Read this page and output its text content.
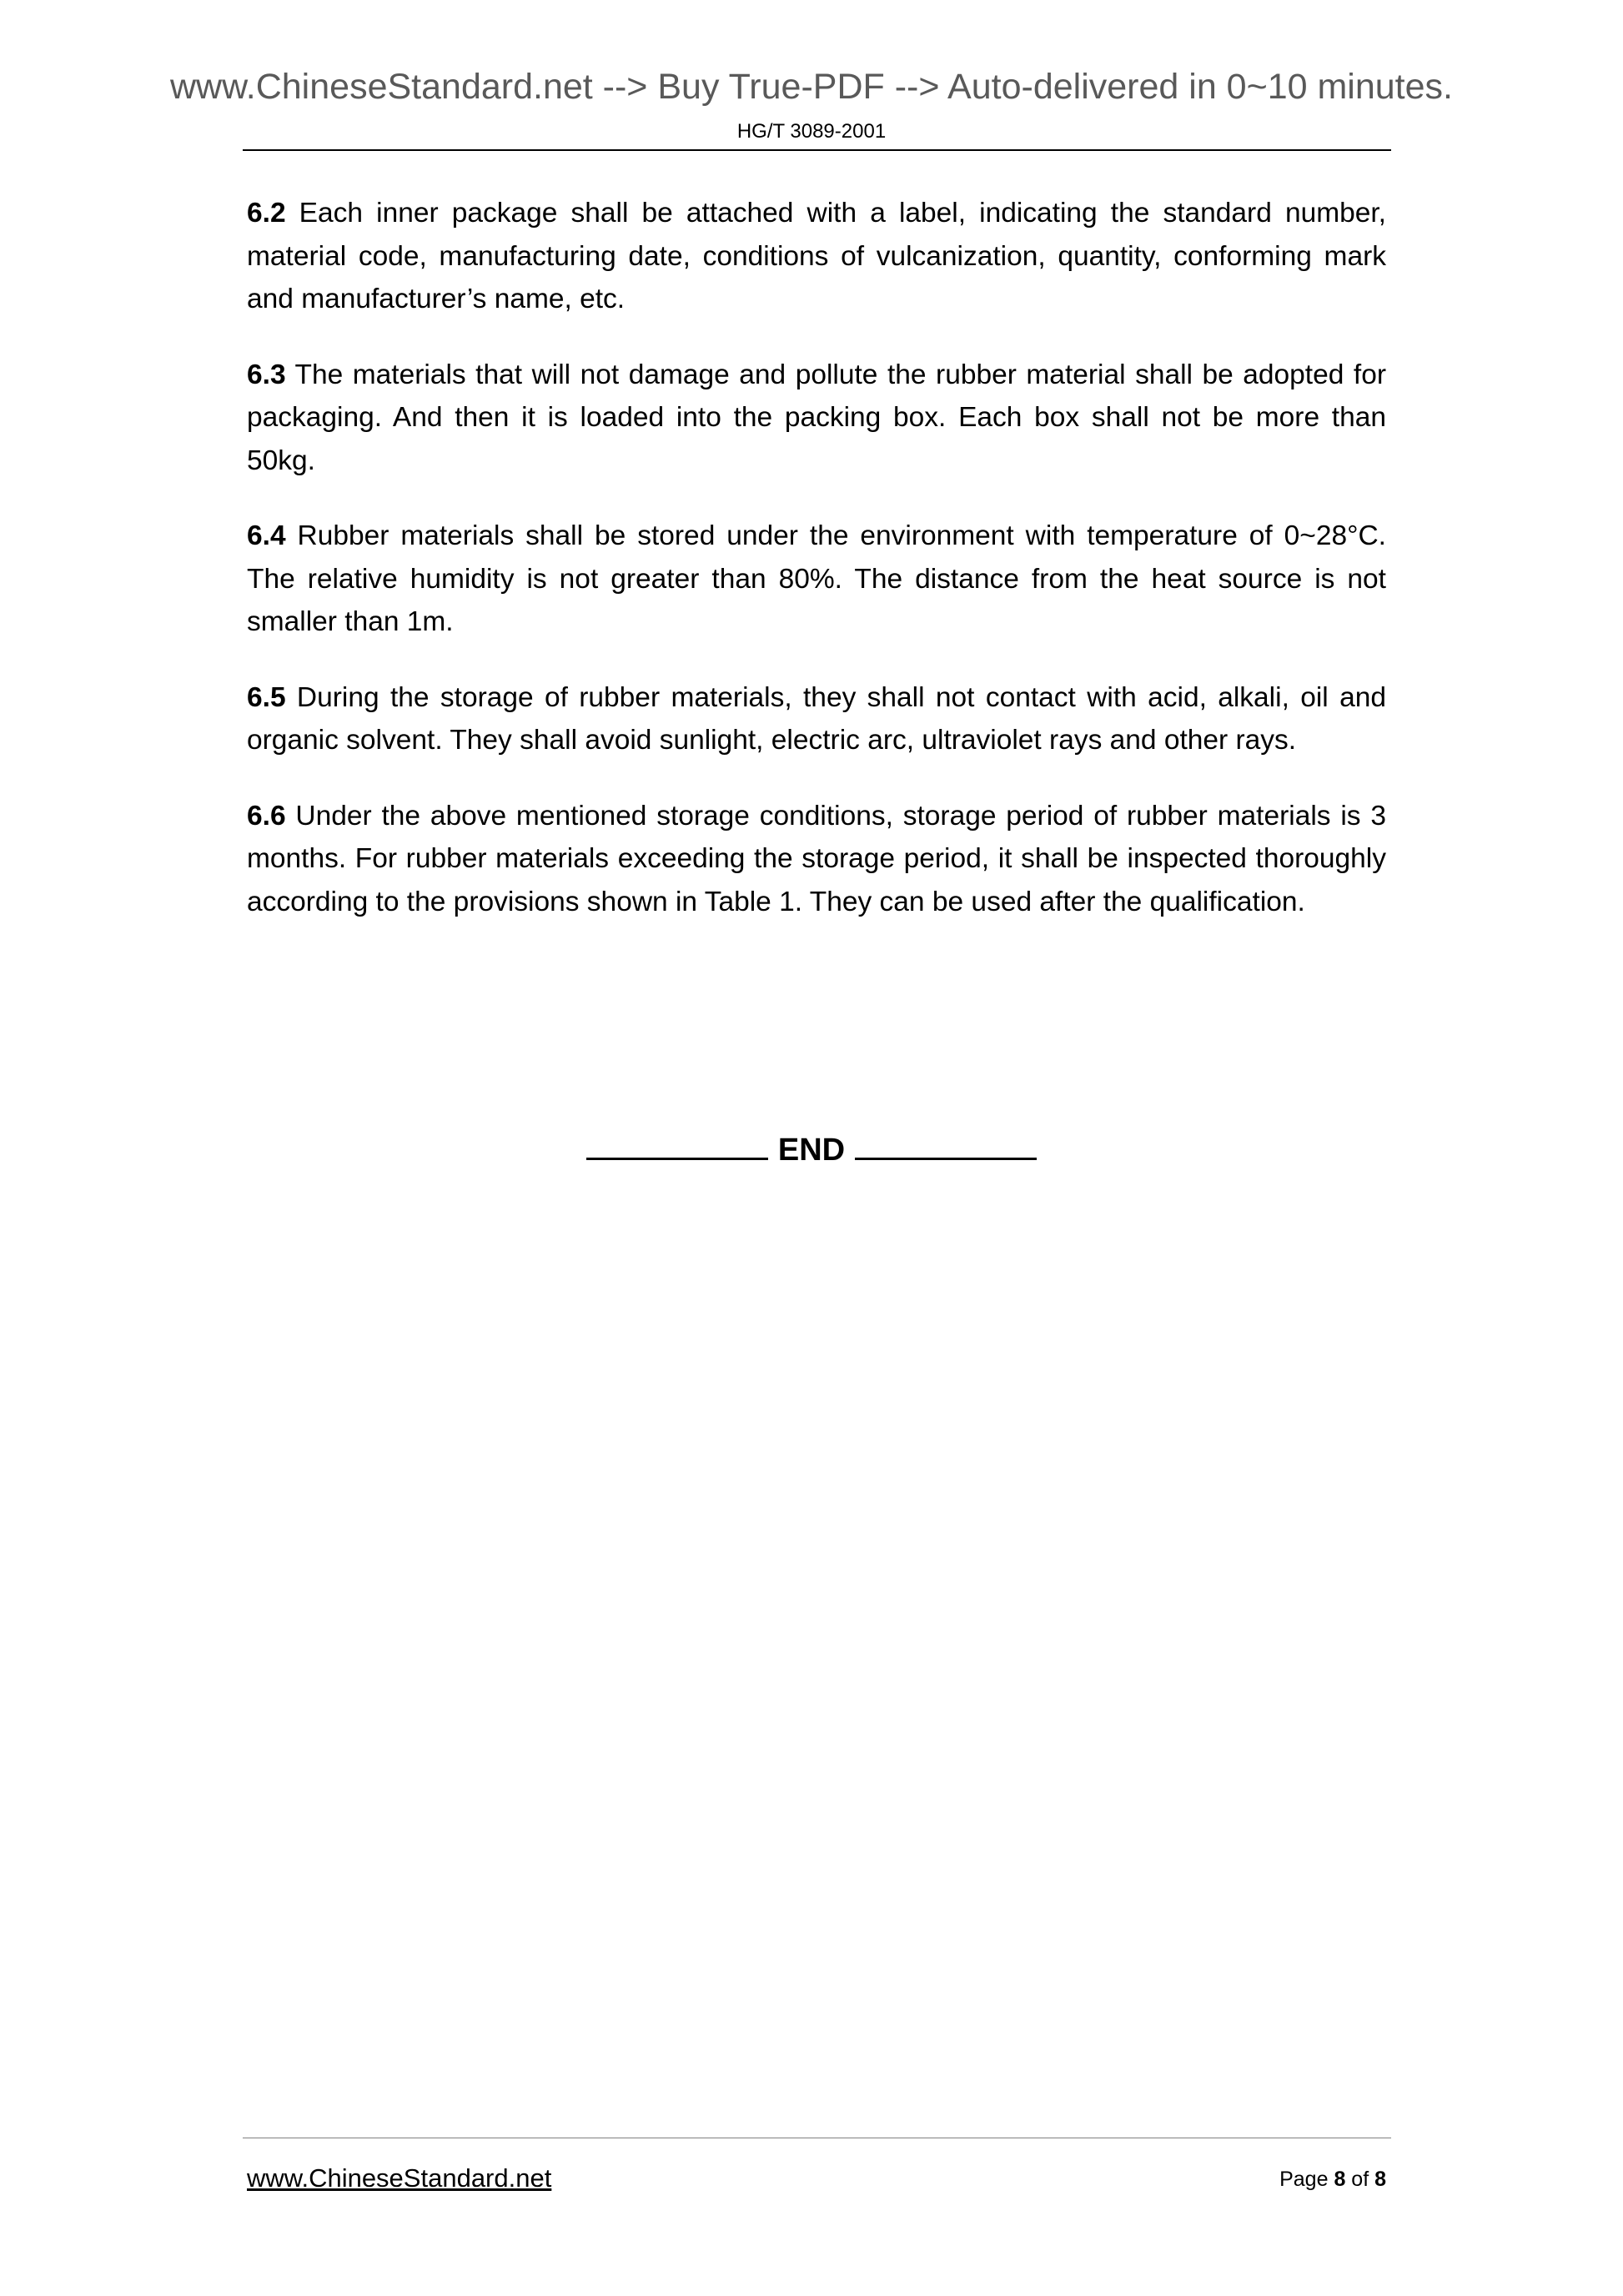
www.ChineseStandard.net --> Buy True-PDF --> Auto-delivered in 0~10 minutes.
HG/T 3089-2001

6.2 Each inner package shall be attached with a label, indicating the standard number, material code, manufacturing date, conditions of vulcanization, quantity, conforming mark and manufacturer’s name, etc.

6.3 The materials that will not damage and pollute the rubber material shall be adopted for packaging. And then it is loaded into the packing box. Each box shall not be more than 50kg.

6.4 Rubber materials shall be stored under the environment with temperature of 0~28°C. The relative humidity is not greater than 80%. The distance from the heat source is not smaller than 1m.

6.5 During the storage of rubber materials, they shall not contact with acid, alkali, oil and organic solvent. They shall avoid sunlight, electric arc, ultraviolet rays and other rays.

6.6 Under the above mentioned storage conditions, storage period of rubber materials is 3 months. For rubber materials exceeding the storage period, it shall be inspected thoroughly according to the provisions shown in Table 1. They can be used after the qualification.

END
www.ChineseStandard.net	Page 8 of 8
